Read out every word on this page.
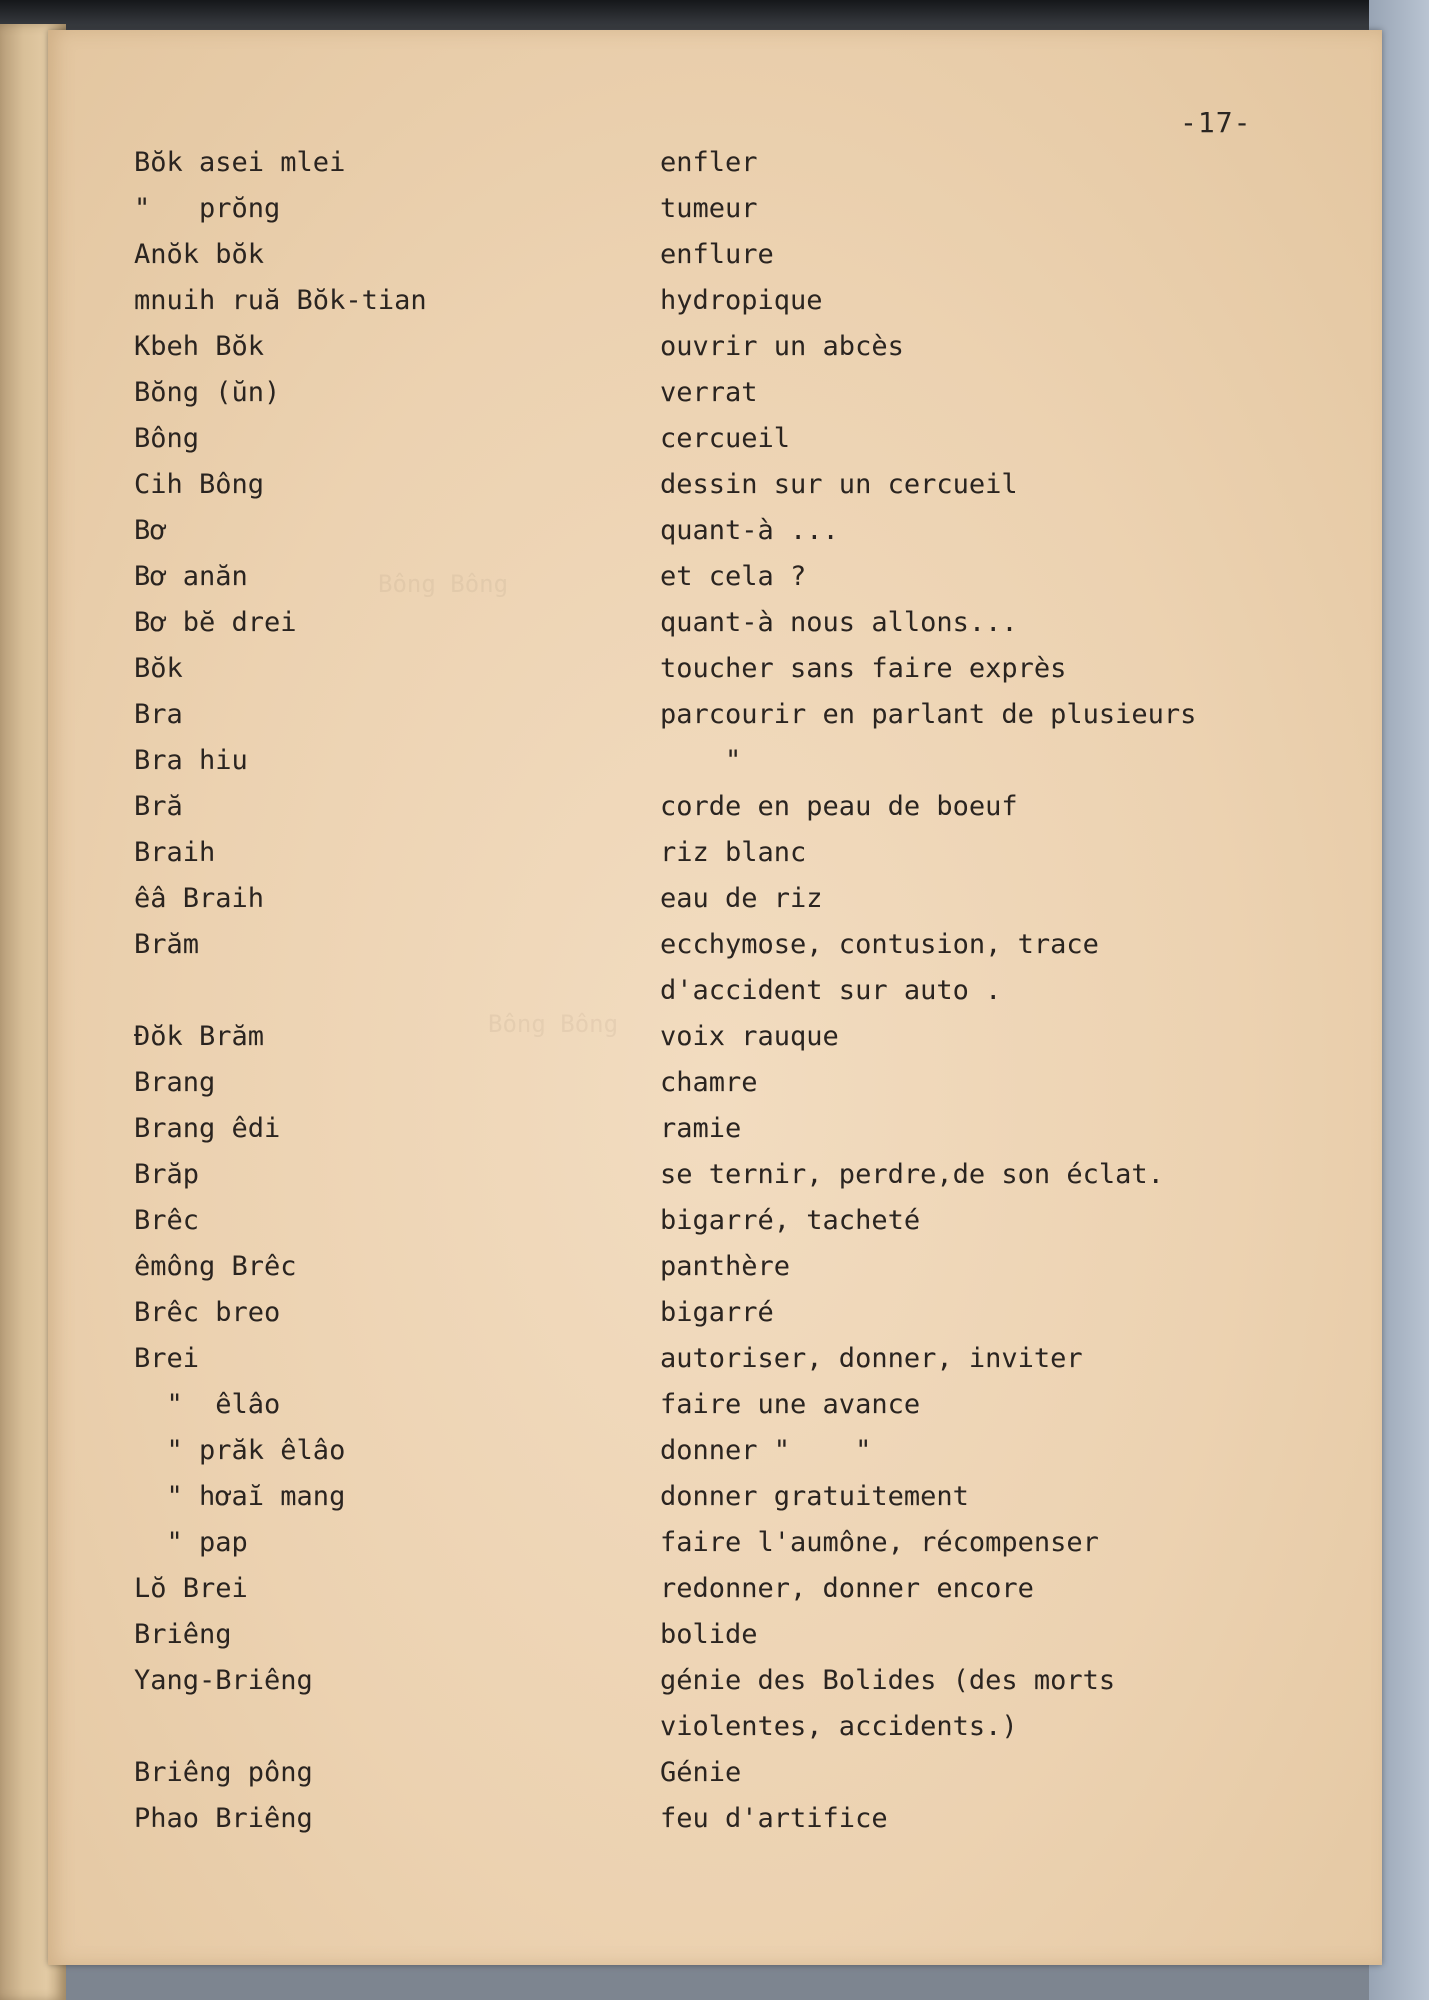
Bông Bông
Bông Bông
-17-
Bŏk asei mlei	enfler
"   prŏng	tumeur
Anŏk bŏk	enflure
mnuih ruă Bŏk-tian	hydropique
Kbeh Bŏk	ouvrir un abcès
Bŏng (ŭn)	verrat
Bông	cercueil
Cih Bông	dessin sur un cercueil
Bơ	quant-à ...
Bơ anăn	et cela ?
Bơ bĕ drei	quant-à nous allons...
Bŏk	toucher sans faire exprès
Bra	parcourir en parlant de plusieurs
Bra hiu	"
Bră	corde en peau de boeuf
Braih	riz blanc
êâ Braih	eau de riz
Brăm	ecchymose, contusion, trace
d'accident sur auto .
Đŏk Brăm	voix rauque
Brang	chamre
Brang êdi	ramie
Brăp	se ternir, perdre,de son éclat.
Brêc	bigarré, tacheté
êmông Brêc	panthère
Brêc breo	bigarré
Brei	autoriser, donner, inviter
"  êlâo	faire une avance
" prăk êlâo	donner "    "
" hơaĭ mang	donner gratuitement
" pap	faire l'aumône, récompenser
Lŏ Brei	redonner, donner encore
Briêng	bolide
Yang-Briêng	génie des Bolides (des morts
violentes, accidents.)
Briêng pông	Génie
Phao Briêng	feu d'artifice
